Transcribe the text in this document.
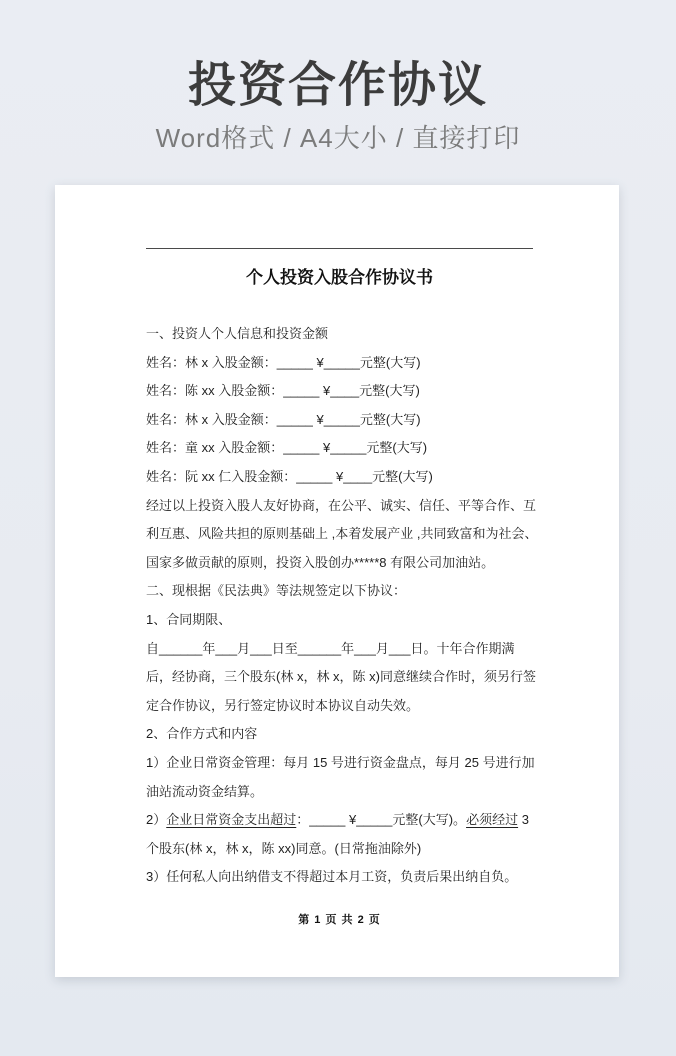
投资合作协议
Word格式 / A4大小 / 直接打印
个人投资入股合作协议书
一、投资人个人信息和投资金额
姓名：林 x 入股金额：_____ ¥_____元整(大写)
姓名：陈 xx 入股金额：_____ ¥____元整(大写)
姓名：林 x 入股金额：_____ ¥_____元整(大写)
姓名：童 xx 入股金额：_____ ¥_____元整(大写)
姓名：阮 xx 仁入股金额：_____ ¥____元整(大写)
经过以上投资入股人友好协商，在公平、诚实、信任、平等合作、互
利互惠、风险共担的原则基础上 ,本着发展产业 ,共同致富和为社会、
国家多做贡献的原则，投资入股创办*****8 有限公司加油站。
二、现根据《民法典》等法规签定以下协议：
1、合同期限、
自______年___月___日至______年___月___日。十年合作期满
后，经协商，三个股东(林 x，林 x，陈 x)同意继续合作时，须另行签
定合作协议，另行签定协议时本协议自动失效。
2、合作方式和内容
1）企业日常资金管理：每月 15 号进行资金盘点，每月 25 号进行加
油站流动资金结算。
2）企业日常资金支出超过：_____ ¥_____元整(大写)。必须经过 3
个股东(林 x，林 x，陈 xx)同意。(日常拖油除外)
3）任何私人向出纳借支不得超过本月工资，负责后果出纳自负。
第 1 页 共 2 页
